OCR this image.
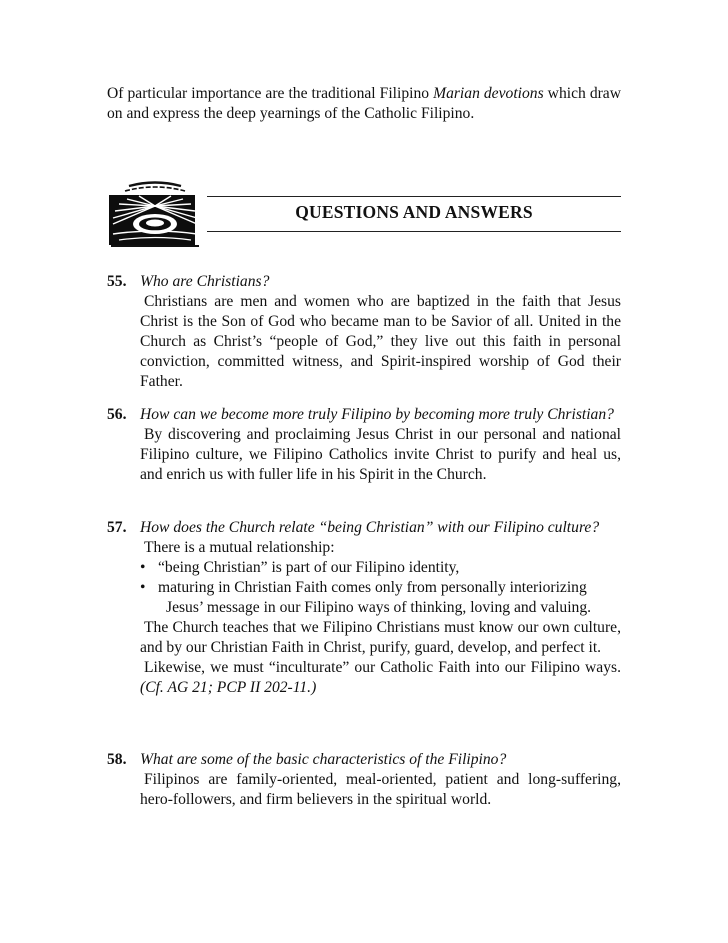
Of particular importance are the traditional Filipino Marian devotions which draw on and express the deep yearnings of the Catholic Filipino.

QUESTIONS AND ANSWERS
55. Who are Christians?

Christians are men and women who are baptized in the faith that Jesus Christ is the Son of God who became man to be Savior of all. United in the Church as Christ’s “people of God,” they live out this faith in personal conviction, committed witness, and Spirit-inspired worship of God their Father.

56. How can we become more truly Filipino by becoming more truly Christian?

By discovering and proclaiming Jesus Christ in our personal and national Filipino culture, we Filipino Catholics invite Christ to purify and heal us, and enrich us with fuller life in his Spirit in the Church.

57. How does the Church relate “being Christian” with our Filipino culture?

There is a mutual relationship:

• “being Christian” is part of our Filipino identity,

• maturing in Christian Faith comes only from personally interiorizing
Jesus’ message in our Filipino ways of thinking, loving and valuing.

The Church teaches that we Filipino Christians must know our own culture, and by our Christian Faith in Christ, purify, guard, develop, and perfect it.

Likewise, we must “inculturate” our Catholic Faith into our Filipino ways. (Cf. AG 21; PCP II 202-11.)

58. What are some of the basic characteristics of the Filipino?

Filipinos are family-oriented, meal-oriented, patient and long-suffering, hero-followers, and firm believers in the spiritual world.
